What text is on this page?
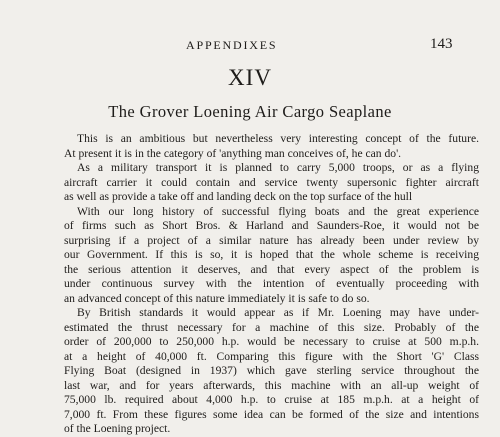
APPENDIXES	143
XIV
The Grover Loening Air Cargo Seaplane
This is an ambitious but nevertheless very interesting concept of the future.
At present it is in the category of 'anything man conceives of, he can do'.
As a military transport it is planned to carry 5,000 troops, or as a flying
aircraft carrier it could contain and service twenty supersonic fighter aircraft
as well as provide a take off and landing deck on the top surface of the hull
With our long history of successful flying boats and the great experience
of firms such as Short Bros. & Harland and Saunders-Roe, it would not be
surprising if a project of a similar nature has already been under review by
our Government. If this is so, it is hoped that the whole scheme is receiving
the serious attention it deserves, and that every aspect of the problem is
under continuous survey with the intention of eventually proceeding with
an advanced concept of this nature immediately it is safe to do so.
By British standards it would appear as if Mr. Loening may have under-
estimated the thrust necessary for a machine of this size. Probably of the
order of 200,000 to 250,000 h.p. would be necessary to cruise at 500 m.p.h.
at a height of 40,000 ft. Comparing this figure with the Short 'G' Class
Flying Boat (designed in 1937) which gave sterling service throughout the
last war, and for years afterwards, this machine with an all-up weight of
75,000 lb. required about 4,000 h.p. to cruise at 185 m.p.h. at a height of
7,000 ft. From these figures some idea can be formed of the size and intentions
of the Loening project.
